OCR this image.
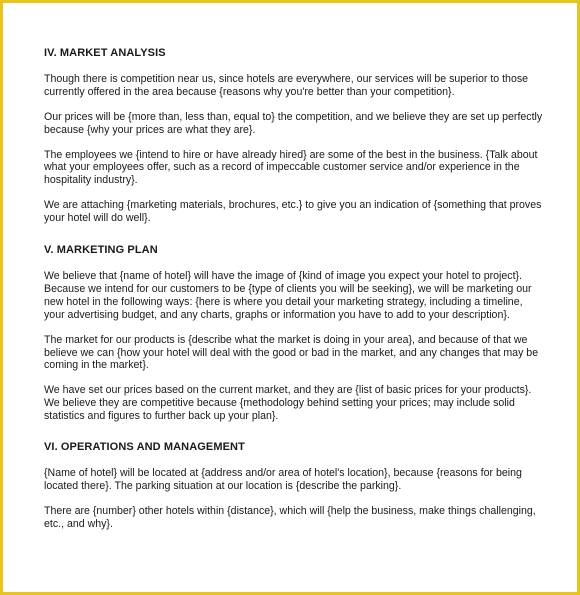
IV. MARKET ANALYSIS

Though there is competition near us, since hotels are everywhere, our services will be superior to those currently offered in the area because {reasons why you're better than your competition}.

Our prices will be {more than, less than, equal to} the competition, and we believe they are set up perfectly because {why your prices are what they are}.

The employees we {intend to hire or have already hired} are some of the best in the business. {Talk about what your employees offer, such as a record of impeccable customer service and/or experience in the hospitality industry}.

We are attaching {marketing materials, brochures, etc.} to give you an indication of {something that proves your hotel will do well}.

V. MARKETING PLAN

We believe that {name of hotel} will have the image of {kind of image you expect your hotel to project}. Because we intend for our customers to be {type of clients you will be seeking}, we will be marketing our new hotel in the following ways: {here is where you detail your marketing strategy, including a timeline, your advertising budget, and any charts, graphs or information you have to add to your description}.

The market for our products is {describe what the market is doing in your area}, and because of that we believe we can {how your hotel will deal with the good or bad in the market, and any changes that may be coming in the market}.

We have set our prices based on the current market, and they are {list of basic prices for your products}. We believe they are competitive because {methodology behind setting your prices; may include solid statistics and figures to further back up your plan}.

VI. OPERATIONS AND MANAGEMENT

{Name of hotel} will be located at {address and/or area of hotel's location}, because {reasons for being located there}. The parking situation at our location is {describe the parking}.

There are {number} other hotels within {distance}, which will {help the business, make things challenging, etc., and why}.
